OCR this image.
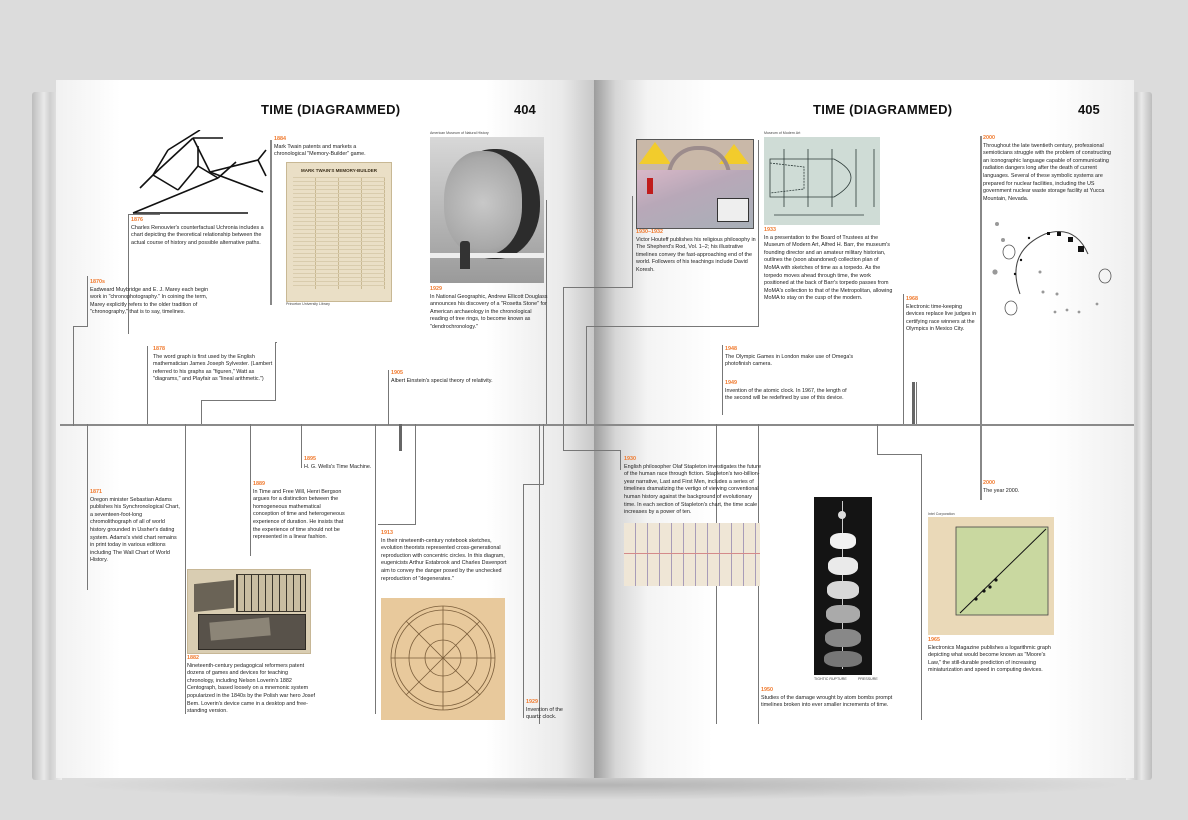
TIME (DIAGRAMMED)	404	TIME (DIAGRAMMED)	405
1876
Charles Renouvier's counterfactual Uchronia includes a chart depicting the theoretical relationship between the actual course of history and possible alternative paths.
1870s
Eadweard Muybridge and E. J. Marey each begin work in "chronophotography." In coining the term, Marey explicitly refers to the older tradition of "chronography," that is to say, timelines.
1878
The word graph is first used by the English mathematician James Joseph Sylvester. (Lambert referred to his graphs as "figuren," Watt as "diagrams," and Playfair as "lineal arithmetic.")
1884
Mark Twain patents and markets a chronological "Memory-Builder" game.
MARK TWAIN'S MEMORY-BUILDER
Princeton University Library
American Museum of Natural History
1929
In National Geographic, Andrew Ellicott Douglass announces his discovery of a "Rosetta Stone" for American archaeology in the chronological reading of tree rings, to become known as "dendrochronology."
1905
Albert Einstein's special theory of relativity.
1871
Oregon minister Sebastian Adams publishes his Synchronological Chart, a seventeen-foot-long chromolithograph of all of world history grounded in Ussher's dating system. Adams's vivid chart remains in print today in various editions including The Wall Chart of World History.
1895
H. G. Wells's Time Machine.
1889
In Time and Free Will, Henri Bergson argues for a distinction between the homogeneous mathematical conception of time and heterogeneous experience of duration. He insists that the experience of time should not be represented in a linear fashion.
1882
Nineteenth-century pedagogical reformers patent dozens of games and devices for teaching chronology, including Nelson Loverin's 1882 Centograph, based loosely on a mnemonic system popularized in the 1840s by the Polish war hero Josef Bem. Loverin's device came in a desktop and free-standing version.
1913
In their nineteenth-century notebook sketches, evolution theorists represented cross-generational reproduction with concentric circles. In this diagram, eugenicists Arthur Estabrook and Charles Davenport aim to convey the danger posed by the unchecked reproduction of "degenerates."
1929
Invention of the quartz clock.
1930–1932
Victor Houteff publishes his religious philosophy in The Shepherd's Rod, Vol. 1–2; his illustrative timelines convey the fast-approaching end of the world. Followers of his teachings include David Koresh.
Museum of Modern Art
1933
In a presentation to the Board of Trustees at the Museum of Modern Art, Alfred H. Barr, the museum's founding director and an amateur military historian, outlines the (soon abandoned) collection plan of MoMA with sketches of time as a torpedo. As the torpedo moves ahead through time, the work positioned at the back of Barr's torpedo passes from MoMA's collection to that of the Metropolitan, allowing MoMA to stay on the cusp of the modern.
2000
Throughout the late twentieth century, professional semioticians struggle with the problem of constructing an iconographic language capable of communicating radiation dangers long after the death of current languages. Several of these symbolic systems are prepared for nuclear facilities, including the US government nuclear waste storage facility at Yucca Mountain, Nevada.
1968
Electronic time-keeping devices replace live judges in certifying race winners at the Olympics in Mexico City.
1948
The Olympic Games in London make use of Omega's photofinish camera.
1949
Invention of the atomic clock. In 1967, the length of the second will be redefined by use of this device.
1930
English philosopher Olaf Stapleton investigates the future of the human race through fiction. Stapleton's two-billion-year narrative, Last and First Men, includes a series of timelines dramatizing the vertigo of viewing conventional human history against the background of evolutionary time. In each section of Stapleton's chart, the time scale increases by a power of ten.
TIGHTIC RUPTURE	PRESSURE
1950
Studies of the damage wrought by atom bombs prompt timelines broken into ever smaller increments of time.
2000
The year 2000.
Intel Corporation
1965
Electronics Magazine publishes a logarithmic graph depicting what would become known as "Moore's Law," the still-durable prediction of increasing miniaturization and speed in computing devices.
